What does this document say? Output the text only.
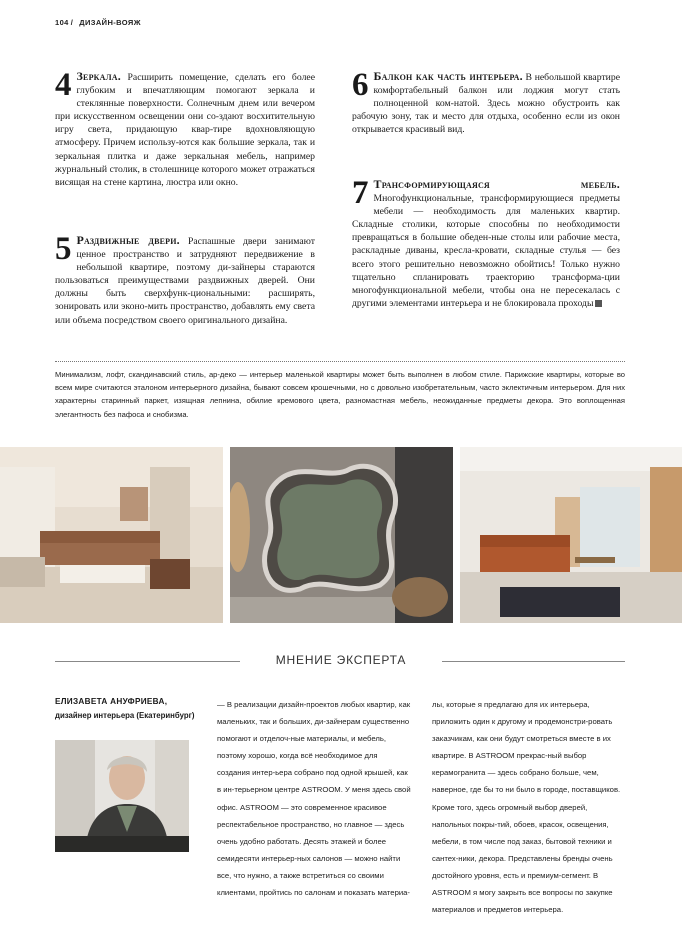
104 / ДИЗАЙН-ВОЯЖ
4 Зеркала. Расширить помещение, сделать его более глубоким и впечатляющим помогают зеркала и стеклянные поверхности. Солнечным днем или вечером при искусственном освещении они со-здают восхитительную игру света, придающую квар-тире вдохновляющую атмосферу. Причем использу-ются как большие зеркала, так и зеркальная плитка и даже зеркальная мебель, например журнальный столик, в столешнице которого может отражаться висящая на стене картина, люстра или окно.
5 Раздвижные двери. Распашные двери занимают ценное пространство и затрудняют передвижение в небольшой квартире, поэтому ди-зайнеры стараются пользоваться преимуществами раздвижных дверей. Они должны быть сверхфунк-циональными: расширять, зонировать или эконо-мить пространство, добавлять ему света или объема посредством своего оригинального дизайна.
6 Балкон как часть интерьера. В небольшой квартире комфортабельный балкон или лоджия могут стать полноценной ком-натой. Здесь можно обустроить как рабочую зону, так и место для отдыха, особенно если из окон открывается красивый вид.
7 Трансформирующаяся мебель. Многофункциональные, трансформирующиеся предметы мебели — необходимость для маленьких квартир. Складные столики, которые способны по необходимости превращаться в большие обеден-ные столы или рабочие места, раскладные диваны, кресла-кровати, складные стулья — без всего этого решительно невозможно обойтись! Только нужно тщательно спланировать траекторию трансформа-ции многофункциональной мебели, чтобы она не пересекалась с другими элементами интерьера и не блокировала проходы
Минимализм, лофт, скандинавский стиль, ар-деко — интерьер маленькой квартиры может быть выполнен в любом стиле. Парижские квартиры, которые во всем мире считаются эталоном интерьерного дизайна, бывают совсем крошечными, но с довольно изобретательным, часто эклектичным интерьером. Для них характерны старинный паркет, изящная лепнина, обилие кремового цвета, разномастная мебель, неожиданные предметы декора. Это воплощенная элегантность без пафоса и снобизма.
МНЕНИЕ ЭКСПЕРТА
ЕЛИЗАВЕТА АНУФРИЕВА,
дизайнер интерьера (Екатеринбург)
— В реализации дизайн-проектов любых квартир, как маленьких, так и больших, ди-зайнерам существенно помогают и отделоч-ные материалы, и мебель, поэтому хорошо, когда всё необходимое для создания интер-ьера собрано под одной крышей, как в ин-терьерном центре ASTROOM. У меня здесь свой офис. ASTROOM — это современное красивое респектабельное пространство, но главное — здесь очень удобно работать. Десять этажей и более семидесяти интерьер-ных салонов — можно найти все, что нужно, а также встретиться со своими клиентами, пройтись по салонам и показать материа-
лы, которые я предлагаю для их интерьера, приложить один к другому и продемонстри-ровать заказчикам, как они будут смотреться вместе в их квартире. В ASTROOM прекрас-ный выбор керамогранита — здесь собрано больше, чем, наверное, где бы то ни было в городе, поставщиков. Кроме того, здесь огромный выбор дверей, напольных покры-тий, обоев, красок, освещения, мебели, в том числе под заказ, бытовой техники и сантех-ники, декора. Представлены бренды очень достойного уровня, есть и премиум-сегмент. В ASTROOM я могу закрыть все вопросы по закупке материалов и предметов интерьера.
